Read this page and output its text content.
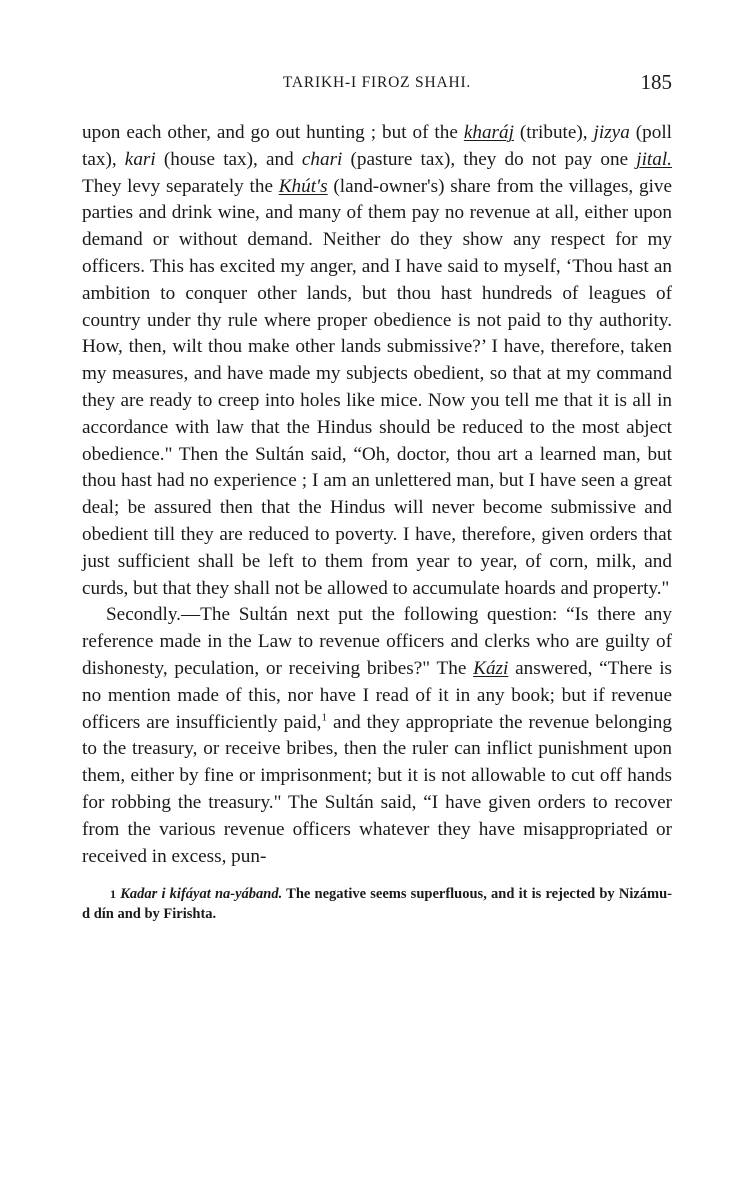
TARIKH-I FIROZ SHAHI.	185

upon each other, and go out hunting ; but of the kharáj (tribute), jizya (poll tax), kari (house tax), and chari (pasture tax), they do not pay one jital. They levy separately the Khút's (land-owner's) share from the villages, give parties and drink wine, and many of them pay no revenue at all, either upon demand or without demand. Neither do they show any respect for my officers. This has excited my anger, and I have said to myself, ‘Thou hast an ambition to conquer other lands, but thou hast hundreds of leagues of country under thy rule where proper obedience is not paid to thy authority. How, then, wilt thou make other lands submissive?’ I have, therefore, taken my measures, and have made my subjects obedient, so that at my command they are ready to creep into holes like mice. Now you tell me that it is all in accordance with law that the Hindus should be reduced to the most abject obedience." Then the Sultán said, “Oh, doctor, thou art a learned man, but thou hast had no experience ; I am an unlettered man, but I have seen a great deal; be assured then that the Hindus will never become submissive and obedient till they are reduced to poverty. I have, therefore, given orders that just sufficient shall be left to them from year to year, of corn, milk, and curds, but that they shall not be allowed to accumulate hoards and property."

Secondly.—The Sultán next put the following question: “Is there any reference made in the Law to revenue officers and clerks who are guilty of dishonesty, peculation, or receiving bribes?" The Kázi answered, “There is no mention made of this, nor have I read of it in any book; but if revenue officers are insufficiently paid,$^1$ and they appropriate the revenue belonging to the treasury, or receive bribes, then the ruler can inflict punishment upon them, either by fine or imprisonment; but it is not allowable to cut off hands for robbing the treasury." The Sultán said, “I have given orders to recover from the various revenue officers whatever they have misappropriated or received in excess, pun-

1 Kadar i kifáyat na-yáband. The negative seems superfluous, and it is rejected by Nizámu-d dín and by Firishta.
